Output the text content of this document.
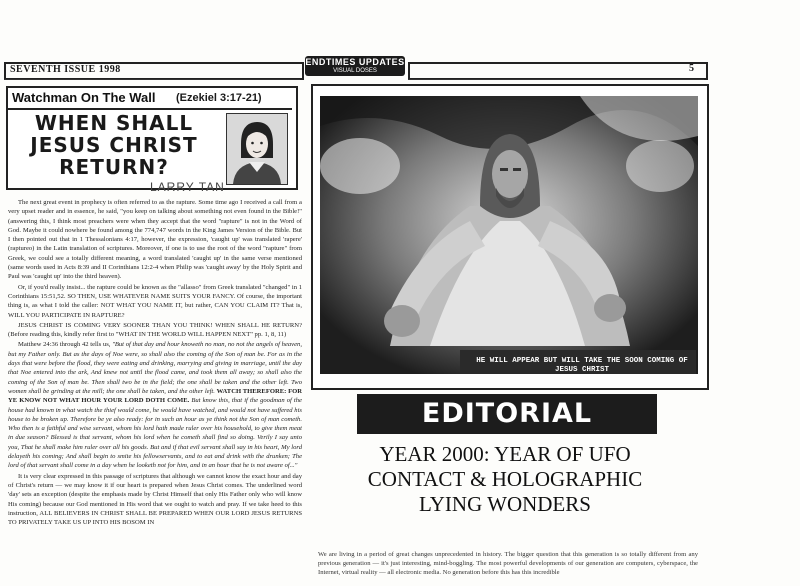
SEVENTH ISSUE 1998
ENDTIMES UPDATES
VISUAL DOSES	5
Watchman On The Wall (Ezekiel 3:17-21)
WHEN SHALL JESUS CHRIST RETURN?
LARRY TAN

The next great event in prophecy is often referred to as the rapture. Some time ago I received a call from a very upset reader and in essence, he said, "you keep on talking about something not even found in the Bible!" (answering this, I think most preachers were when they accept that the word "rapture" is not in the Word of God. Maybe it could nowhere be found among the 774,747 words in the King James Version of the Bible. But I then pointed out that in 1 Thessalonians 4:17, however, the expression, 'caught up' was translated 'rapere' (raptureo) in the Latin translation of scriptures. Moreover, if one is to use the root of the word "rapture" from Greek, we could see a totally different meaning, a word translated 'caught up' in the same verse mentioned (same words used in Acts 8:39 and II Corinthians 12:2-4 when Philip was 'caught away' by the Holy Spirit and Paul was 'caught up' into the third heaven).

Or, if you'd really insist... the rapture could be known as the "allasso" from Greek translated "changed" in 1 Corinthians 15:51,52. SO THEN, USE WHATEVER NAME SUITS YOUR FANCY. Of course, the important thing is, as what I told the caller: NOT WHAT YOU NAME IT, but rather, CAN YOU CLAIM IT? That is, WILL YOU PARTICIPATE IN RAPTURE?

JESUS CHRIST IS COMING VERY SOONER THAN YOU THINK! WHEN SHALL HE RETURN? (Before reading this, kindly refer first to "WHAT IN THE WORLD WILL HAPPEN NEXT" pp. 1, 8, 11)

Matthew 24:36 through 42 tells us, "But of that day and hour knoweth no man, no not the angels of heaven, but my Father only. But as the days of Noe were, so shall also the coming of the Son of man be. For as in the days that were before the flood, they were eating and drinking, marrying and giving in marriage, until the day that Noe entered into the ark, And knew not until the flood came, and took them all away; so shall also the coming of the Son of man be. Then shall two be in the field; the one shall be taken and the other left. Two women shall be grinding at the mill; the one shall be taken, and the other left. WATCH THEREFORE: FOR YE KNOW NOT WHAT HOUR YOUR LORD DOTH COME. But know this, that if the goodman of the house had known in what watch the thief would come, he would have watched, and would not have suffered his house to be broken up. Therefore be ye also ready: for in such an hour as ye think not the Son of man cometh. Who then is a faithful and wise servant, whom his lord hath made ruler over his household, to give them meat in due season? Blessed is that servant, whom his lord when he cometh shall find so doing. Verily I say unto you, That he shall make him ruler over all his goods. But and if that evil servant shall say in his heart, My lord delayeth his coming; And shall begin to smite his fellowservants, and to eat and drink with the drunken; The lord of that servant shall come in a day when he looketh not for him, and in an hour that he is not aware of..."

It is very clear expressed in this passage of scriptures that although we cannot know the exact hour and day of Christ's return — we may know it if our heart is prepared when Jesus Christ comes. The underlined word 'day' sets an exception (despite the emphasis made by Christ Himself that only His Father only who will know His coming) because our God mentioned in His word that we ought to watch and pray. If we take heed to this instruction, ALL BELIEVERS IN CHRIST SHALL BE PREPARED WHEN OUR LORD JESUS RETURNS TO PRIVATELY TAKE US UP INTO HIS BOSOM IN

HE WILL APPEAR BUT WILL TAKE THE SOON COMING OF JESUS CHRIST
EDITORIAL
YEAR 2000: YEAR OF UFO CONTACT & HOLOGRAPHIC LYING WONDERS
We are living in a period of great changes unprecedented in history. The bigger question that this generation is so totally different from any previous generation — it's just interesting, mind-boggling. The most powerful developments of our generation are computers, cyberspace, the Internet, virtual reality — all electronic media. No generation before this has this incredible
